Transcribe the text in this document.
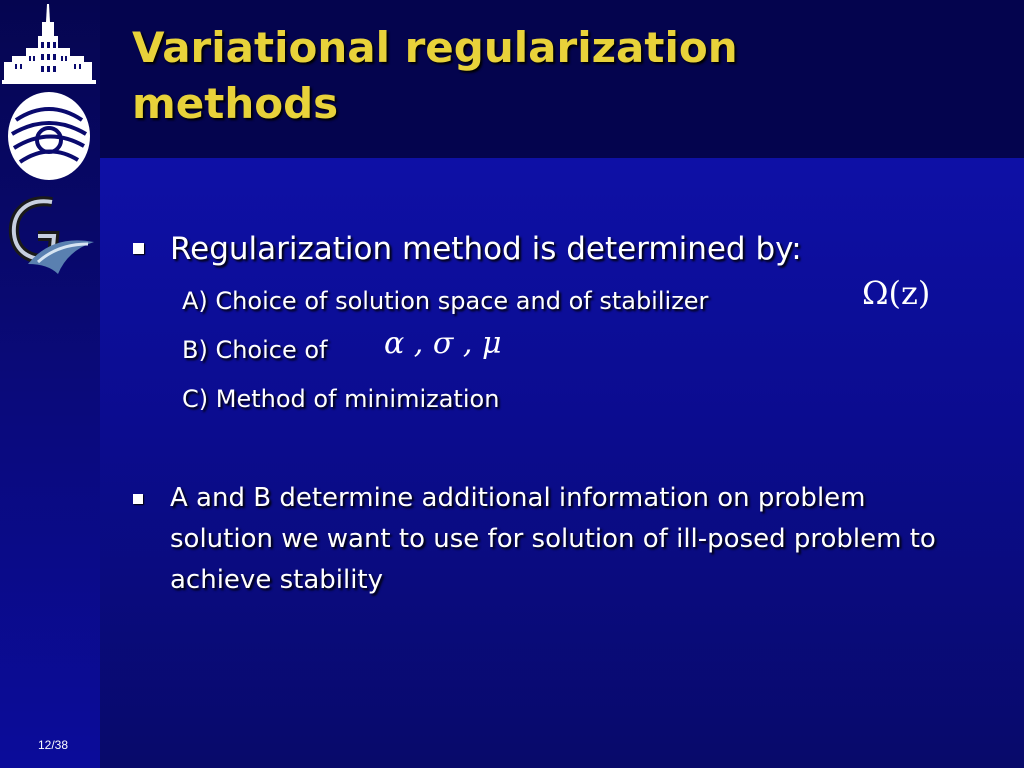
Variational regularization
methods

Regularization method is determined by:

A) Choice of solution space and of stabilizer	Ω(z)

B) Choice of α , σ , μ

C) Method of minimization

A and B determine additional information on problem solution we want to use for solution of ill-posed problem to achieve stability

12/38
